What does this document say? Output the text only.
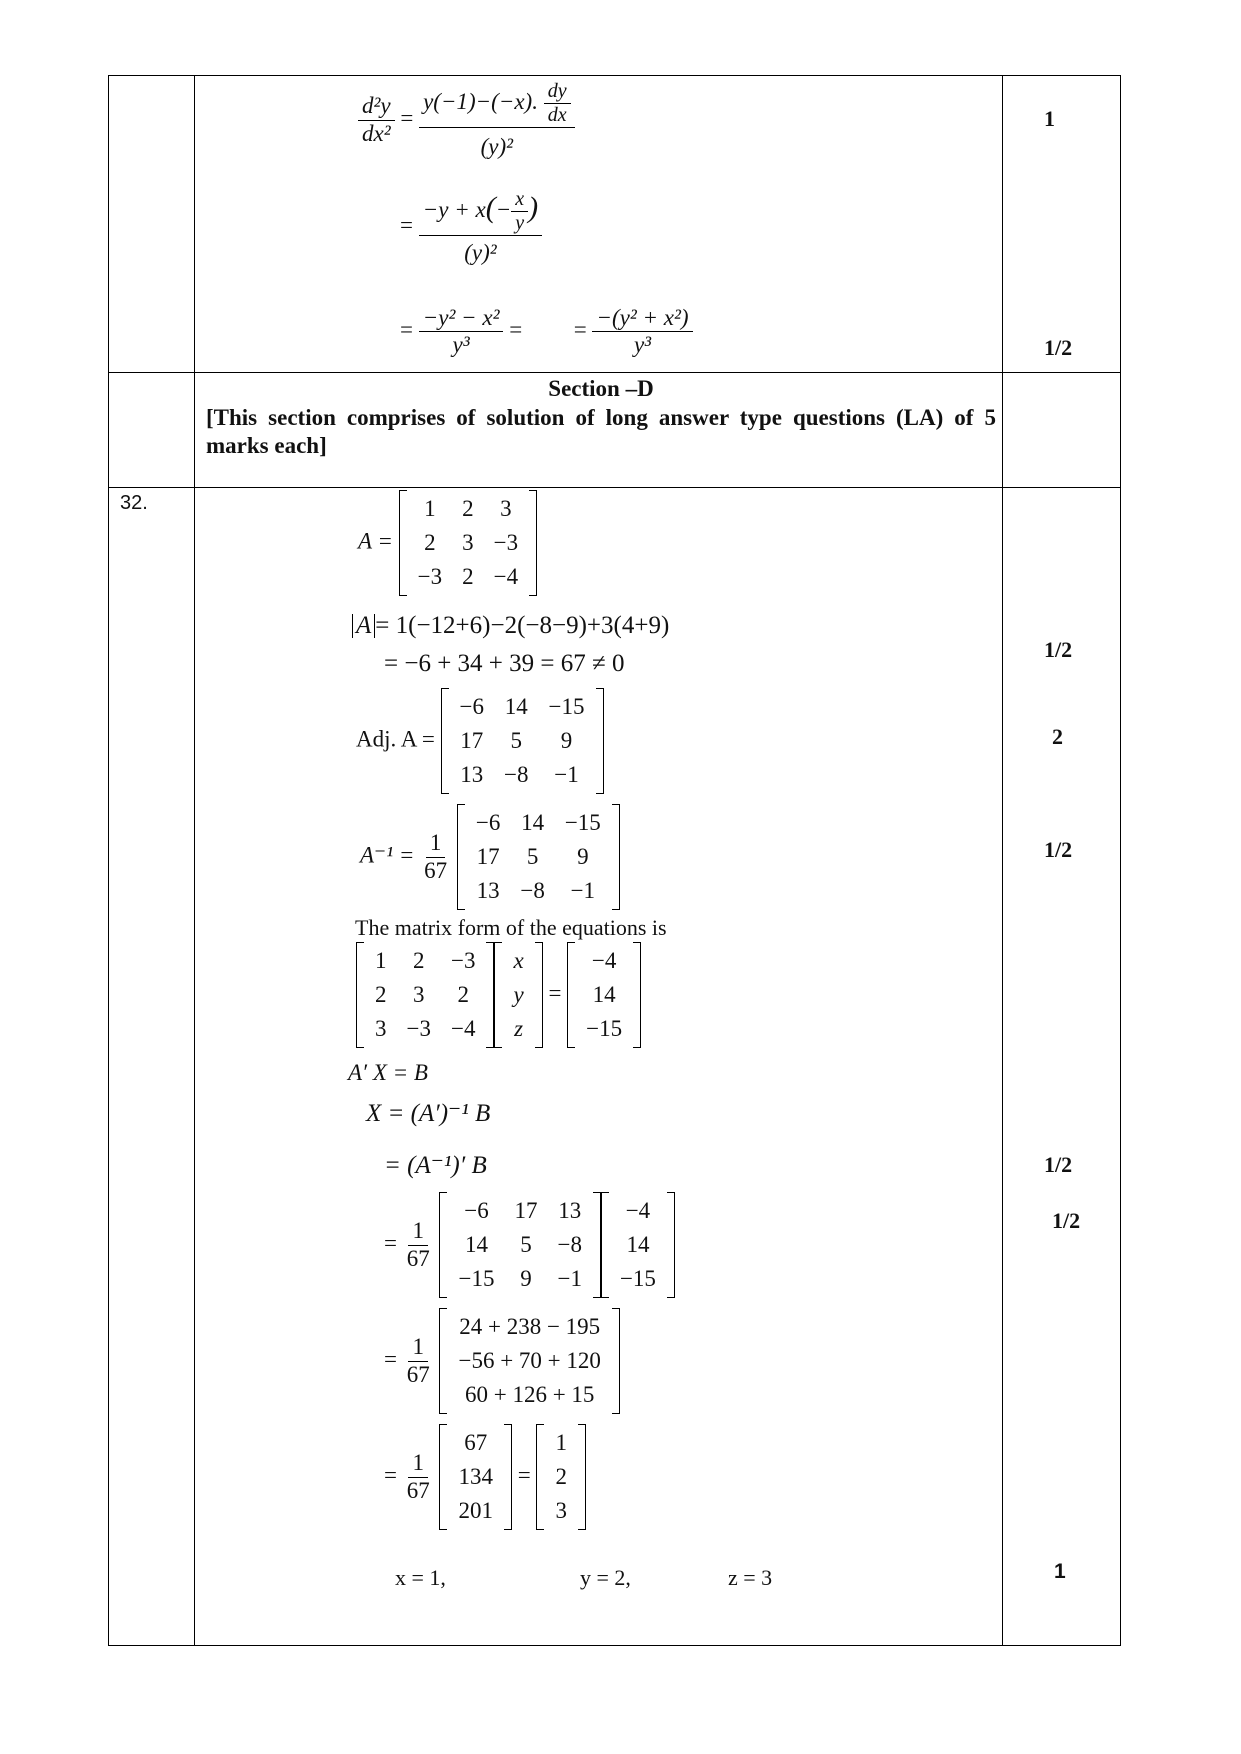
$\frac{\text{d²y}}{\text{dx²}} = \frac{y(-1)-(-x). \frac{dy}{dx}}{\text{(y)²}}$
= $\frac{-y + x(- \frac{x}{y} )}{\text{(y)²}}$
= $\frac{\text{−y² − x²}}{\text{y³}}$ =  = $\frac{\text{−(y² + x²)}}{\text{y³}}$
1
1/2
Section –D
[This section comprises of solution of long answer type questions (LA) of 5 marks each]
32.
A =
1	2	3
2	3	−3
−3	2	−4
A = 1(−12+6)−2(−8−9)+3(4+9)
= −6 + 34 + 39 = 67 ≠ 0
1/2
Adj. A =
−6	14	−15
17	5	9
13	−8	−1
2
$A^{-1} = \frac{1}{67}$

−6	14	−15
17	5	9
13	−8	−1
1/2
The matrix form of the equations is
1	2	−3
2	3	2
3	−3	−4
x
y
z
=
−4
14
−15
A′ X = B
X = (A′)⁻¹ B
= (A⁻¹)′ B	1/2
= $\frac{1}{67}$

−6	17	13
14	5	−8
−15	9	−1
−4
14
−15
1/2
= $\frac{1}{67}$

24 + 238 − 195
−56 + 70 + 120
60 + 126 + 15
= $\frac{1}{67}$

67
134
201
=
1
2
3
x = 1,	y = 2,	z = 3	1
